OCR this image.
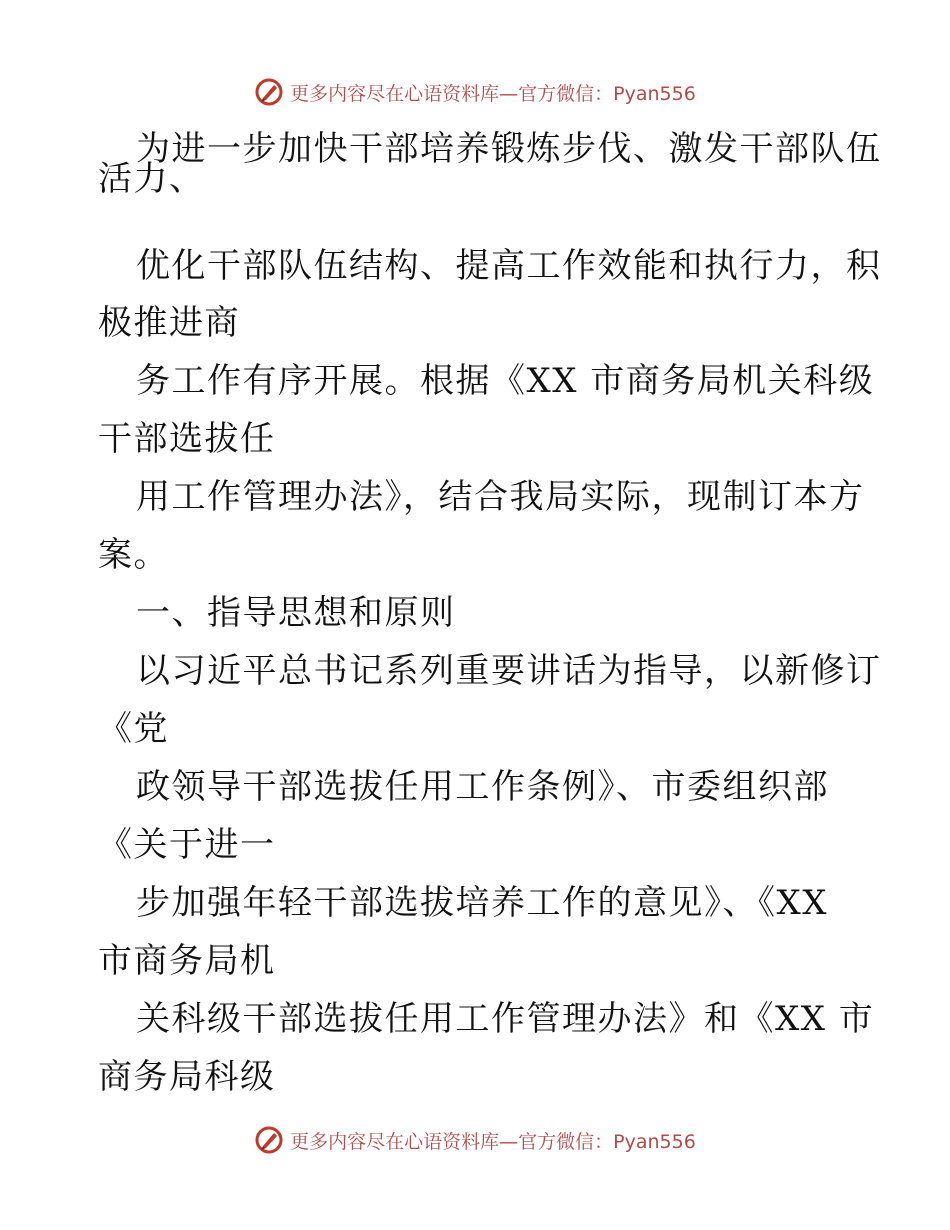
更多内容尽在心语资料库—官方微信：Pyan556
为进一步加快干部培养锻炼步伐、激发干部队伍
活力、
优化干部队伍结构、提高工作效能和执行力，积
极推进商
务工作有序开展。根据《XX 市商务局机关科级
干部选拔任
用工作管理办法》，结合我局实际，现制订本方
案。
一、指导思想和原则
以习近平总书记系列重要讲话为指导，以新修订
《党
政领导干部选拔任用工作条例》、市委组织部
《关于进一
步加强年轻干部选拔培养工作的意见》、《XX
市商务局机
关科级干部选拔任用工作管理办法》和《XX 市
商务局科级
更多内容尽在心语资料库—官方微信：Pyan556
